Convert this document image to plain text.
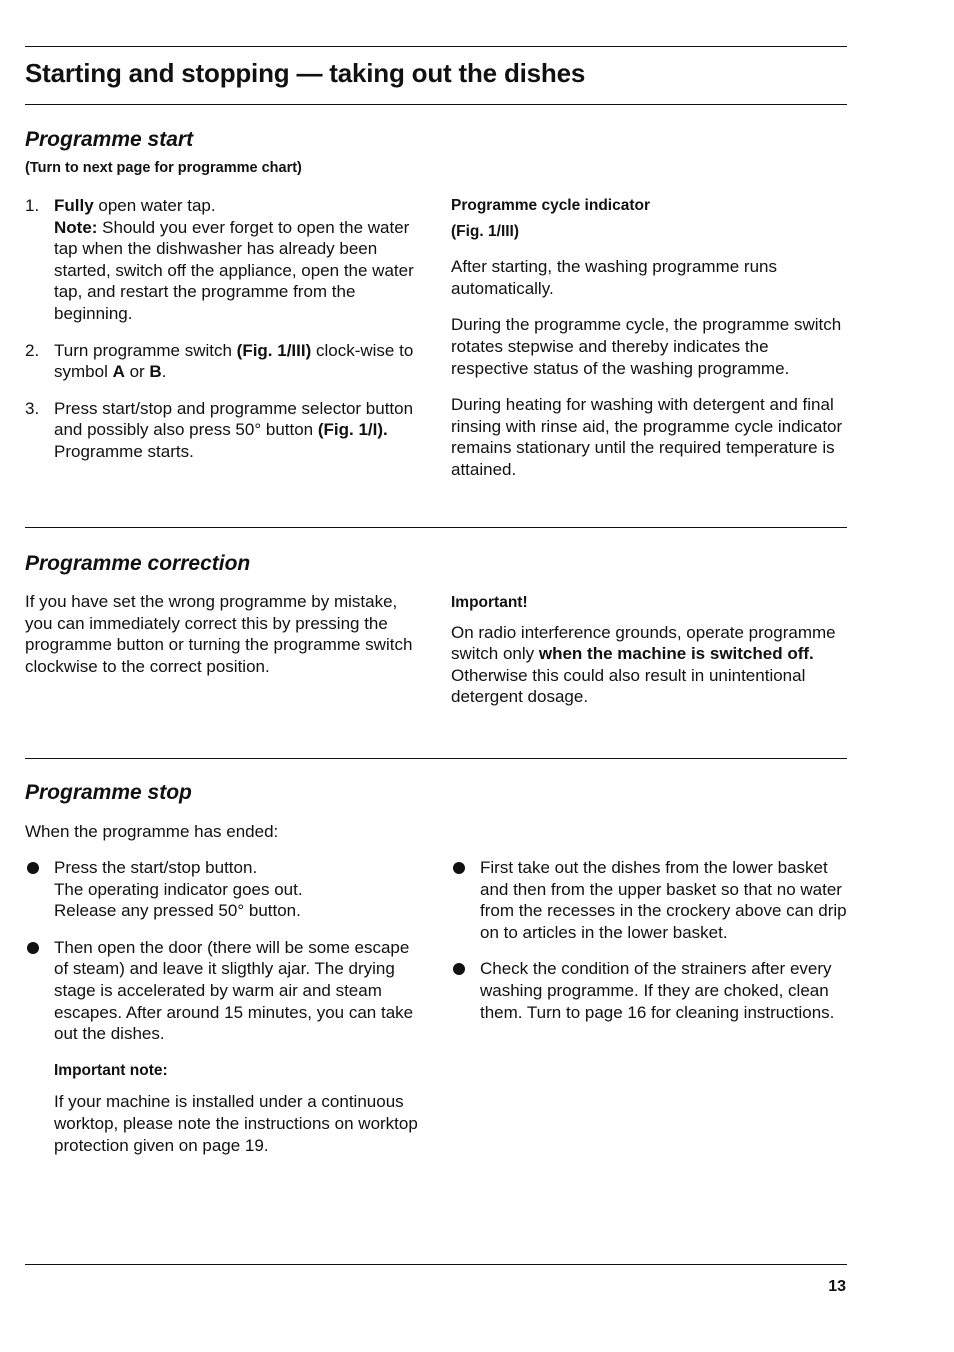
Starting and stopping — taking out the dishes
Programme start
(Turn to next page for programme chart)
1. Fully open water tap.
Note: Should you ever forget to open the water tap when the dishwasher has already been started, switch off the appliance, open the water tap, and restart the programme from the beginning.
2. Turn programme switch (Fig. 1/III) clock-wise to symbol A or B.
3. Press start/stop and programme selector button and possibly also press 50° button (Fig. 1/I). Programme starts.

Programme cycle indicator

(Fig. 1/III)

After starting, the washing programme runs automatically.

During the programme cycle, the programme switch rotates stepwise and thereby indicates the respective status of the washing programme.

During heating for washing with detergent and final rinsing with rinse aid, the programme cycle indicator remains stationary until the required temperature is attained.

Programme correction

If you have set the wrong programme by mistake, you can immediately correct this by pressing the programme button or turning the programme switch clockwise to the correct position.

Important!

On radio interference grounds, operate programme switch only when the machine is switched off. Otherwise this could also result in unintentional detergent dosage.

Programme stop

When the programme has ended:

Press the start/stop button.
The operating indicator goes out.
Release any pressed 50° button.
Then open the door (there will be some escape of steam) and leave it sligthly ajar. The drying stage is accelerated by warm air and steam escapes. After around 15 minutes, you can take out the dishes.

Important note:

If your machine is installed under a continuous worktop, please note the instructions on worktop protection given on page 19.

First take out the dishes from the lower basket and then from the upper basket so that no water from the recesses in the crockery above can drip on to articles in the lower basket.
Check the condition of the strainers after every washing programme. If they are choked, clean them. Turn to page 16 for cleaning instructions.
13
